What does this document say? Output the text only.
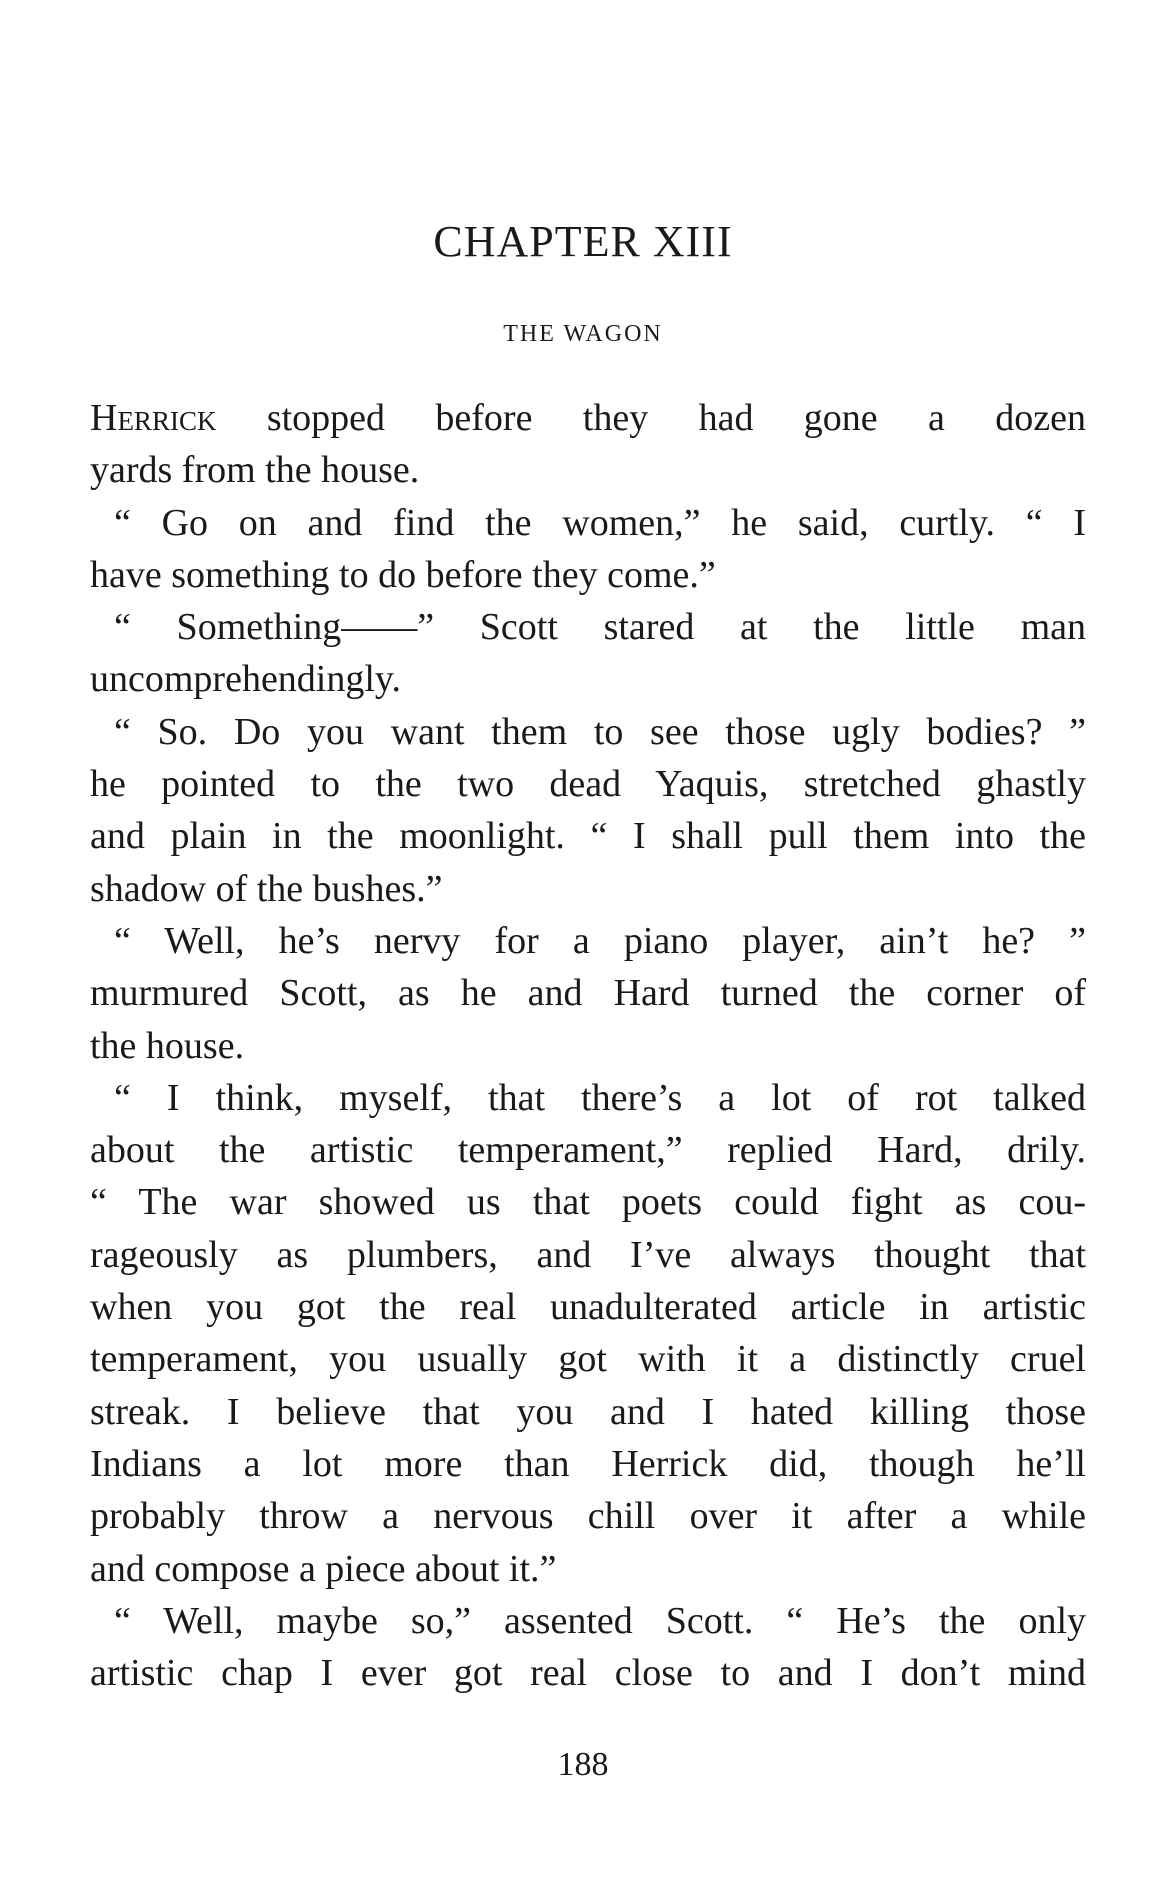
CHAPTER XIII
THE WAGON
Herrick stopped before they had gone a dozen
yards from the house.
“ Go on and find the women,” he said, curtly. “ I
have something to do before they come.”
“ Something——” Scott stared at the little man
uncomprehendingly.
“ So. Do you want them to see those ugly bodies? ”
he pointed to the two dead Yaquis, stretched ghastly
and plain in the moonlight. “ I shall pull them into the
shadow of the bushes.”
“ Well, he’s nervy for a piano player, ain’t he? ”
murmured Scott, as he and Hard turned the corner of
the house.
“ I think, myself, that there’s a lot of rot talked
about the artistic temperament,” replied Hard, drily.
“ The war showed us that poets could fight as cou-
rageously as plumbers, and I’ve always thought that
when you got the real unadulterated article in artistic
temperament, you usually got with it a distinctly cruel
streak. I believe that you and I hated killing those
Indians a lot more than Herrick did, though he’ll
probably throw a nervous chill over it after a while
and compose a piece about it.”
“ Well, maybe so,” assented Scott. “ He’s the only
artistic chap I ever got real close to and I don’t mind
188
